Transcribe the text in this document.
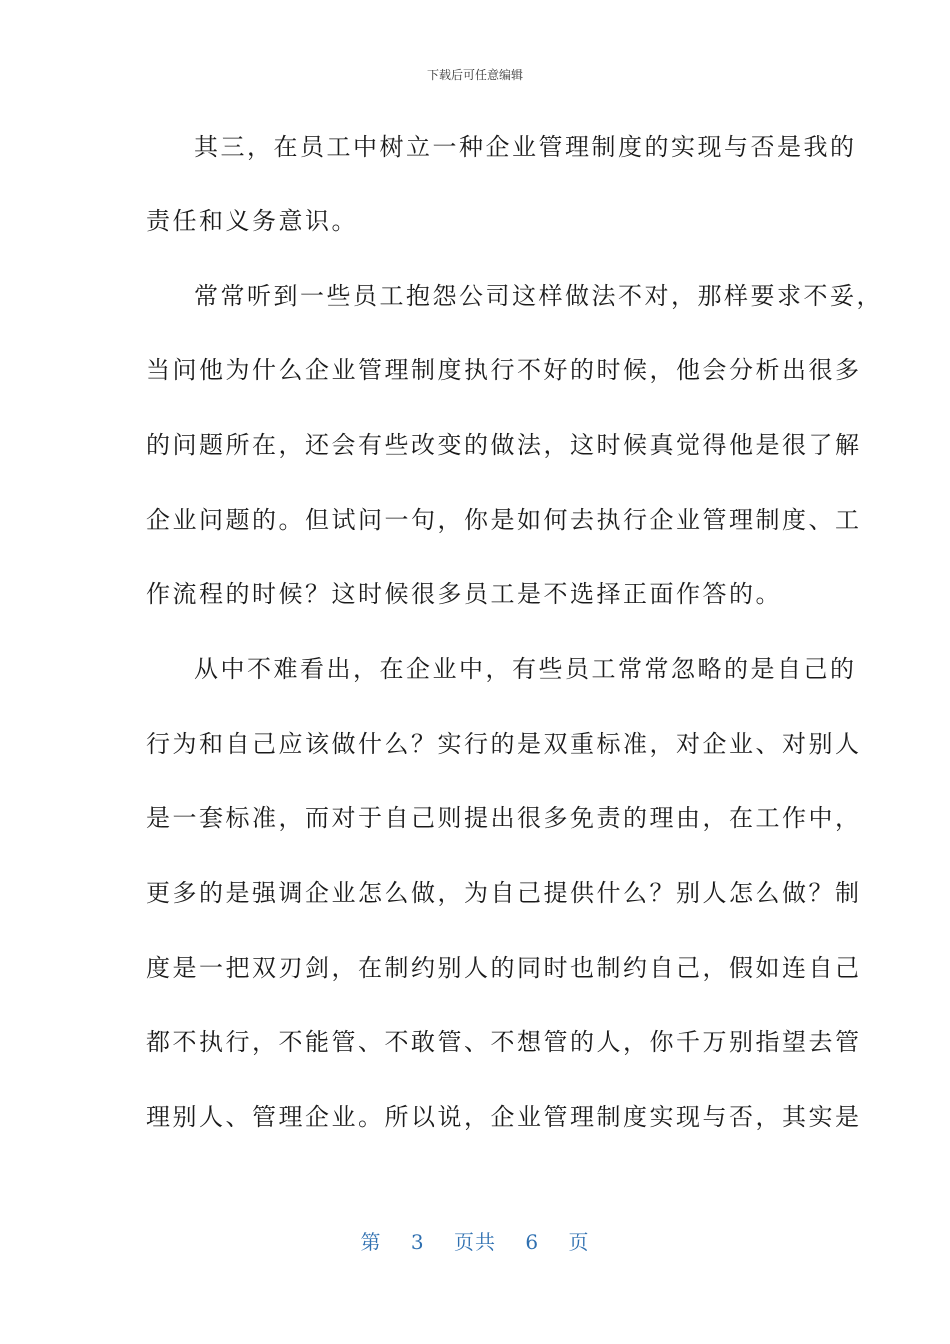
下载后可任意编辑
其三，在员工中树立一种企业管理制度的实现与否是我的
责任和义务意识。
常常听到一些员工抱怨公司这样做法不对，那样要求不妥，
当问他为什么企业管理制度执行不好的时候，他会分析出很多
的问题所在，还会有些改变的做法，这时候真觉得他是很了解
企业问题的。但试问一句，你是如何去执行企业管理制度、工
作流程的时候？这时候很多员工是不选择正面作答的。
从中不难看出，在企业中，有些员工常常忽略的是自己的
行为和自己应该做什么？实行的是双重标准，对企业、对别人
是一套标准，而对于自己则提出很多免责的理由，在工作中，
更多的是强调企业怎么做，为自己提供什么？别人怎么做？制
度是一把双刃剑，在制约别人的同时也制约自己，假如连自己
都不执行，不能管、不敢管、不想管的人，你千万别指望去管
理别人、管理企业。所以说，企业管理制度实现与否，其实是
第 3 页共 6 页
